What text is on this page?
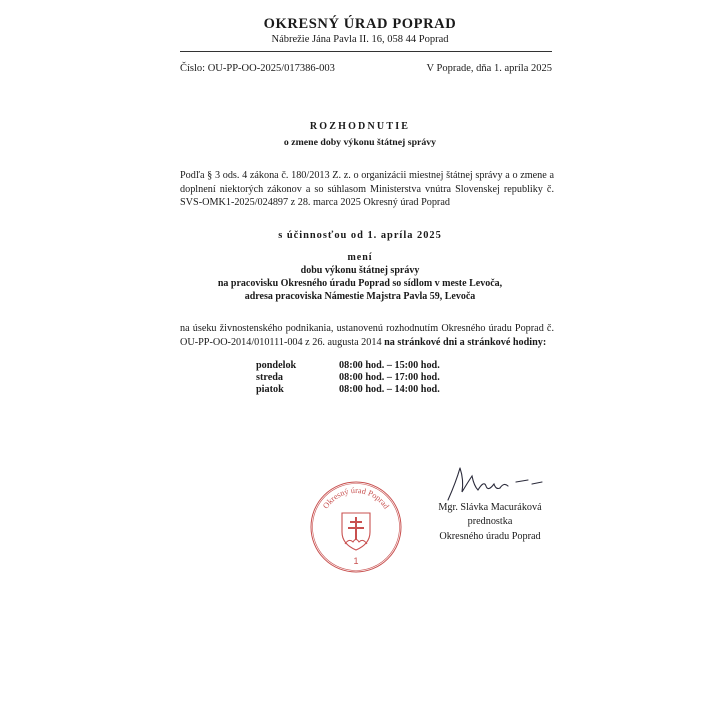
OKRESNÝ ÚRAD POPRAD
Nábrežie Jána Pavla II. 16, 058 44 Poprad
Číslo: OU-PP-OO-2025/017386-003	V Poprade, dňa 1. apríla 2025
ROZHODNUTIE
o zmene doby výkonu štátnej správy
Podľa § 3 ods. 4 zákona č. 180/2013 Z. z. o organizácii miestnej štátnej správy a o zmene a doplnení niektorých zákonov a so súhlasom Ministerstva vnútra Slovenskej republiky č. SVS-OMK1-2025/024897 z 28. marca 2025 Okresný úrad Poprad
s účinnosťou od 1. apríla 2025
mení
dobu výkonu štátnej správy
na pracovisku Okresného úradu Poprad so sídlom v meste Levoča,
adresa pracoviska Námestie Majstra Pavla 59, Levoča
na úseku živnostenského podnikania, ustanovenú rozhodnutím Okresného úradu Poprad č. OU-PP-OO-2014/010111-004 z 26. augusta 2014 na stránkové dni a stránkové hodiny:
pondelok	08:00 hod. – 15:00 hod.
streda	08:00 hod. – 17:00 hod.
piatok	08:00 hod. – 14:00 hod.
Okresný úrad Poprad
1
Mgr. Slávka Macuráková
prednostka
Okresného úradu Poprad
